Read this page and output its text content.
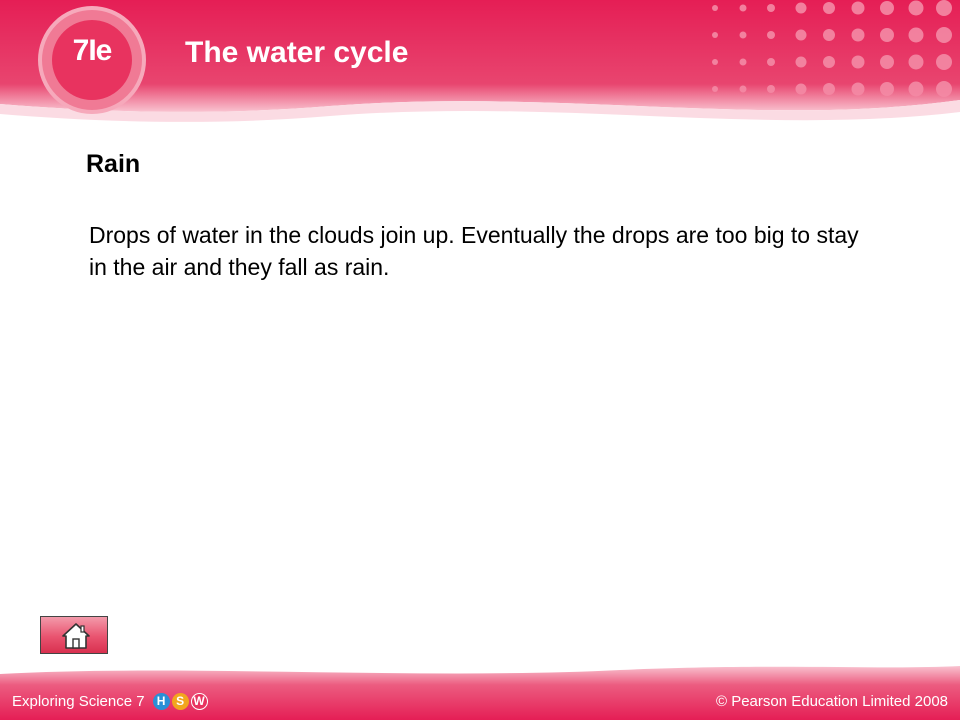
7Ie	The water cycle
Rain
Drops of water in the clouds join up. Eventually the drops are too big to stay in the air and they fall as rain.
Exploring Science 7	H S W	© Pearson Education Limited 2008
